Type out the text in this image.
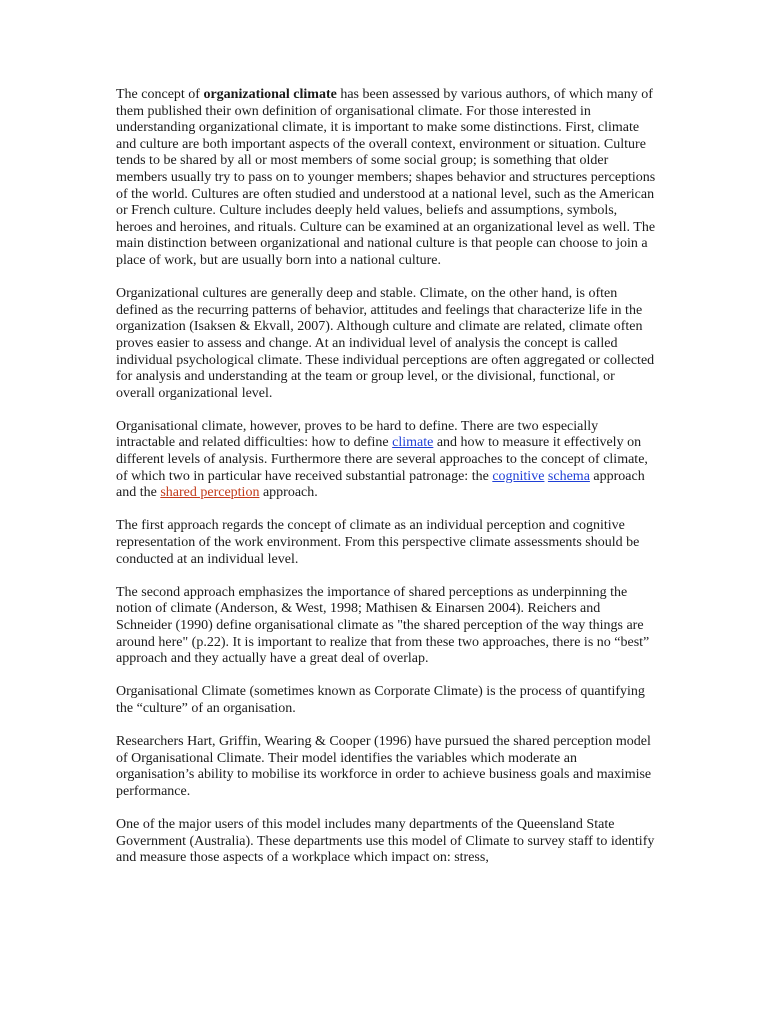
The concept of organizational climate has been assessed by various authors, of which many of them published their own definition of organisational climate. For those interested in understanding organizational climate, it is important to make some distinctions. First, climate and culture are both important aspects of the overall context, environment or situation. Culture tends to be shared by all or most members of some social group; is something that older members usually try to pass on to younger members; shapes behavior and structures perceptions of the world. Cultures are often studied and understood at a national level, such as the American or French culture. Culture includes deeply held values, beliefs and assumptions, symbols, heroes and heroines, and rituals. Culture can be examined at an organizational level as well. The main distinction between organizational and national culture is that people can choose to join a place of work, but are usually born into a national culture.

Organizational cultures are generally deep and stable. Climate, on the other hand, is often defined as the recurring patterns of behavior, attitudes and feelings that characterize life in the organization (Isaksen & Ekvall, 2007). Although culture and climate are related, climate often proves easier to assess and change. At an individual level of analysis the concept is called individual psychological climate. These individual perceptions are often aggregated or collected for analysis and understanding at the team or group level, or the divisional, functional, or overall organizational level.

Organisational climate, however, proves to be hard to define. There are two especially intractable and related difficulties: how to define climate and how to measure it effectively on different levels of analysis. Furthermore there are several approaches to the concept of climate, of which two in particular have received substantial patronage: the cognitive schema approach and the shared perception approach.

The first approach regards the concept of climate as an individual perception and cognitive representation of the work environment. From this perspective climate assessments should be conducted at an individual level.

The second approach emphasizes the importance of shared perceptions as underpinning the notion of climate (Anderson, & West, 1998; Mathisen & Einarsen 2004). Reichers and Schneider (1990) define organisational climate as "the shared perception of the way things are around here" (p.22). It is important to realize that from these two approaches, there is no “best” approach and they actually have a great deal of overlap.

Organisational Climate (sometimes known as Corporate Climate) is the process of quantifying the “culture” of an organisation.

Researchers Hart, Griffin, Wearing & Cooper (1996) have pursued the shared perception model of Organisational Climate. Their model identifies the variables which moderate an organisation’s ability to mobilise its workforce in order to achieve business goals and maximise performance.

One of the major users of this model includes many departments of the Queensland State Government (Australia). These departments use this model of Climate to survey staff to identify and measure those aspects of a workplace which impact on: stress,
